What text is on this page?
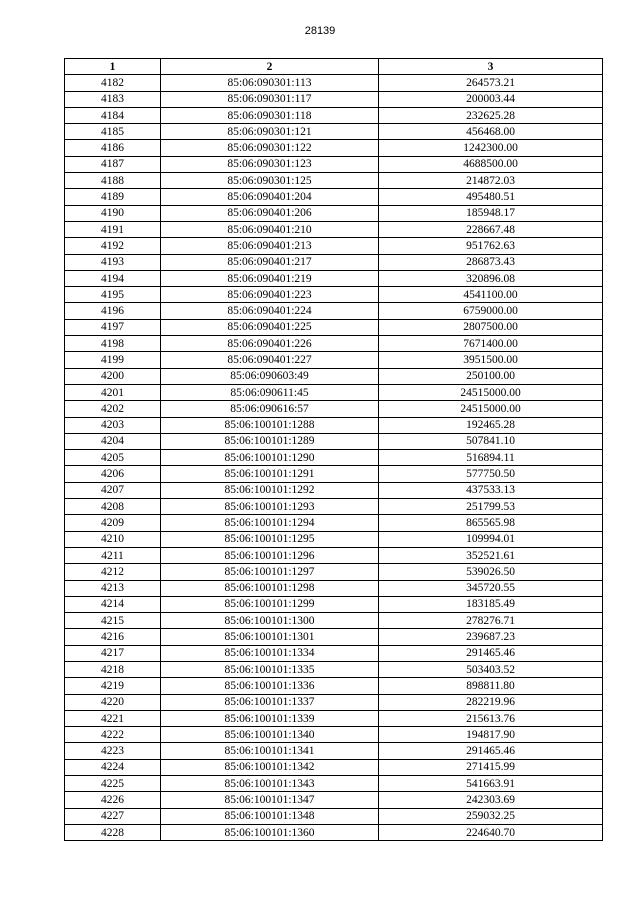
28139
1	2	3
4182	85:06:090301:113	264573.21
4183	85:06:090301:117	200003.44
4184	85:06:090301:118	232625.28
4185	85:06:090301:121	456468.00
4186	85:06:090301:122	1242300.00
4187	85:06:090301:123	4688500.00
4188	85:06:090301:125	214872.03
4189	85:06:090401:204	495480.51
4190	85:06:090401:206	185948.17
4191	85:06:090401:210	228667.48
4192	85:06:090401:213	951762.63
4193	85:06:090401:217	286873.43
4194	85:06:090401:219	320896.08
4195	85:06:090401:223	4541100.00
4196	85:06:090401:224	6759000.00
4197	85:06:090401:225	2807500.00
4198	85:06:090401:226	7671400.00
4199	85:06:090401:227	3951500.00
4200	85:06:090603:49	250100.00
4201	85:06:090611:45	24515000.00
4202	85:06:090616:57	24515000.00
4203	85:06:100101:1288	192465.28
4204	85:06:100101:1289	507841.10
4205	85:06:100101:1290	516894.11
4206	85:06:100101:1291	577750.50
4207	85:06:100101:1292	437533.13
4208	85:06:100101:1293	251799.53
4209	85:06:100101:1294	865565.98
4210	85:06:100101:1295	109994.01
4211	85:06:100101:1296	352521.61
4212	85:06:100101:1297	539026.50
4213	85:06:100101:1298	345720.55
4214	85:06:100101:1299	183185.49
4215	85:06:100101:1300	278276.71
4216	85:06:100101:1301	239687.23
4217	85:06:100101:1334	291465.46
4218	85:06:100101:1335	503403.52
4219	85:06:100101:1336	898811.80
4220	85:06:100101:1337	282219.96
4221	85:06:100101:1339	215613.76
4222	85:06:100101:1340	194817.90
4223	85:06:100101:1341	291465.46
4224	85:06:100101:1342	271415.99
4225	85:06:100101:1343	541663.91
4226	85:06:100101:1347	242303.69
4227	85:06:100101:1348	259032.25
4228	85:06:100101:1360	224640.70
